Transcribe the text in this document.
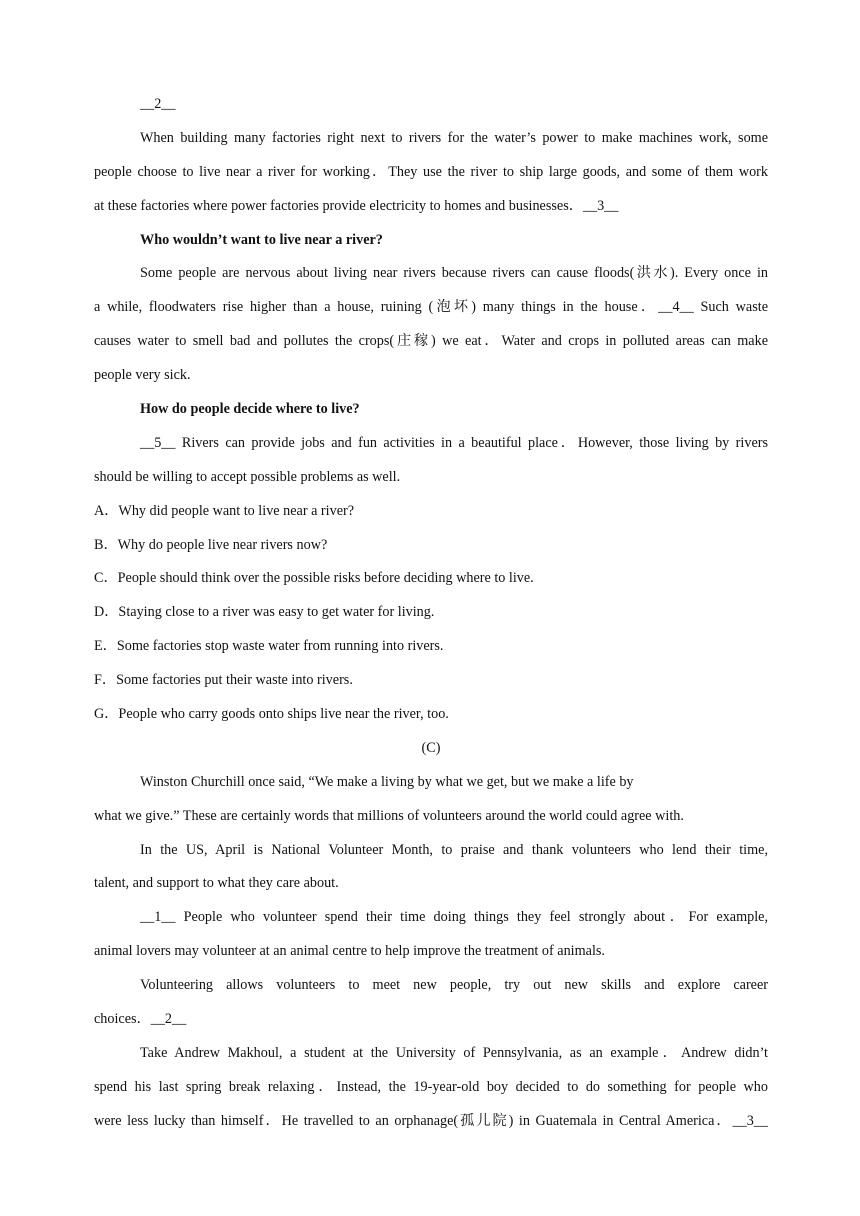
__2__
When building many factories right next to rivers for the water’s power to make machines work, some
people choose to live near a river for working．They use the river to ship large goods, and some of them work
at these factories where power factories provide electricity to homes and businesses．__3__
Who wouldn’t want to live near a river?
Some people are nervous about living near rivers because rivers can cause floods(洪水). Every once in
a while, floodwaters rise higher than a house, ruining (泡坏) many things in the house．__4__ Such waste
causes water to smell bad and pollutes the crops(庄稼) we eat．Water and crops in polluted areas can make
people very sick.
How do people decide where to live?
__5__ Rivers can provide jobs and fun activities in a beautiful place．However, those living by rivers
should be willing to accept possible problems as well.
A．Why did people want to live near a river?
B．Why do people live near rivers now?
C．People should think over the possible risks before deciding where to live.
D．Staying close to a river was easy to get water for living.
E．Some factories stop waste water from running into rivers.
F．Some factories put their waste into rivers.
G．People who carry goods onto ships live near the river, too.
(C)
Winston Churchill once said, “We make a living by what we get, but we make a life by
what we give.” These are certainly words that millions of volunteers around the world could agree with.
In the US, April is National Volunteer Month, to praise and thank volunteers who lend their time,
talent, and support to what they care about.
__1__ People who volunteer spend their time doing things they feel strongly about．For example,
animal lovers may volunteer at an animal centre to help improve the treatment of animals.
Volunteering allows volunteers to meet new people, try out new skills and explore career
choices．__2__
Take Andrew Makhoul, a student at the University of Pennsylvania, as an example．Andrew didn’t
spend his last spring break relaxing．Instead, the 19-year-old boy decided to do something for people who
were less lucky than himself．He travelled to an orphanage(孤儿院) in Guatemala in Central America．__3__
